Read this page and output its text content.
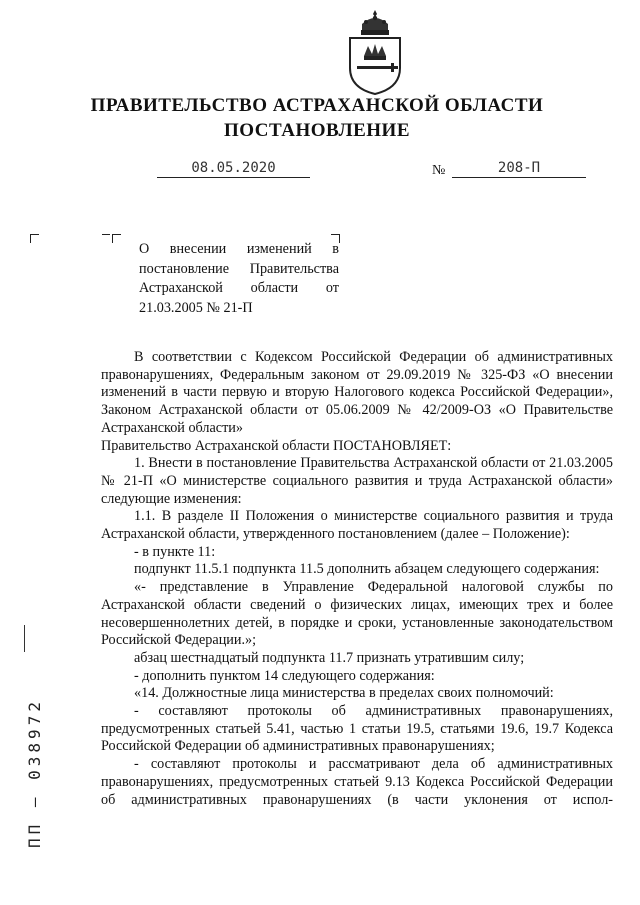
ПРАВИТЕЛЬСТВО АСТРАХАНСКОЙ ОБЛАСТИ
ПОСТАНОВЛЕНИЕ
08.05.2020	№	208-П
О внесении изменений в постановление Правительства Астраханской области от 21.03.2005 № 21-П

В соответствии с Кодексом Российской Федерации об административных правонарушениях, Федеральным законом от 29.09.2019 № 325-ФЗ «О внесении изменений в части первую и вторую Налогового кодекса Российской Федерации», Законом Астраханской области от 05.06.2009 № 42/2009-ОЗ «О Правительстве Астраханской области»

Правительство Астраханской области ПОСТАНОВЛЯЕТ:

1. Внести в постановление Правительства Астраханской области от 21.03.2005 № 21-П «О министерстве социального развития и труда Астраханской области» следующие изменения:

1.1. В разделе II Положения о министерстве социального развития и труда Астраханской области, утвержденного постановлением (далее – Положение):

- в пункте 11:

подпункт 11.5.1 подпункта 11.5 дополнить абзацем следующего содержания:

«- представление в Управление Федеральной налоговой службы по Астраханской области сведений о физических лицах, имеющих трех и более несовершеннолетних детей, в порядке и сроки, установленные законодательством Российской Федерации.»;

абзац шестнадцатый подпункта 11.7 признать утратившим силу;

- дополнить пунктом 14 следующего содержания:

«14. Должностные лица министерства в пределах своих полномочий:

- составляют протоколы об административных правонарушениях, предусмотренных статьей 5.41, частью 1 статьи 19.5, статьями 19.6, 19.7 Кодекса Российской Федерации об административных правонарушениях;

- составляют протоколы и рассматривают дела об административных правонарушениях, предусмотренных статьей 9.13 Кодекса Российской Федерации об административных правонарушениях (в части уклонения от испол-

ПП – 038972
